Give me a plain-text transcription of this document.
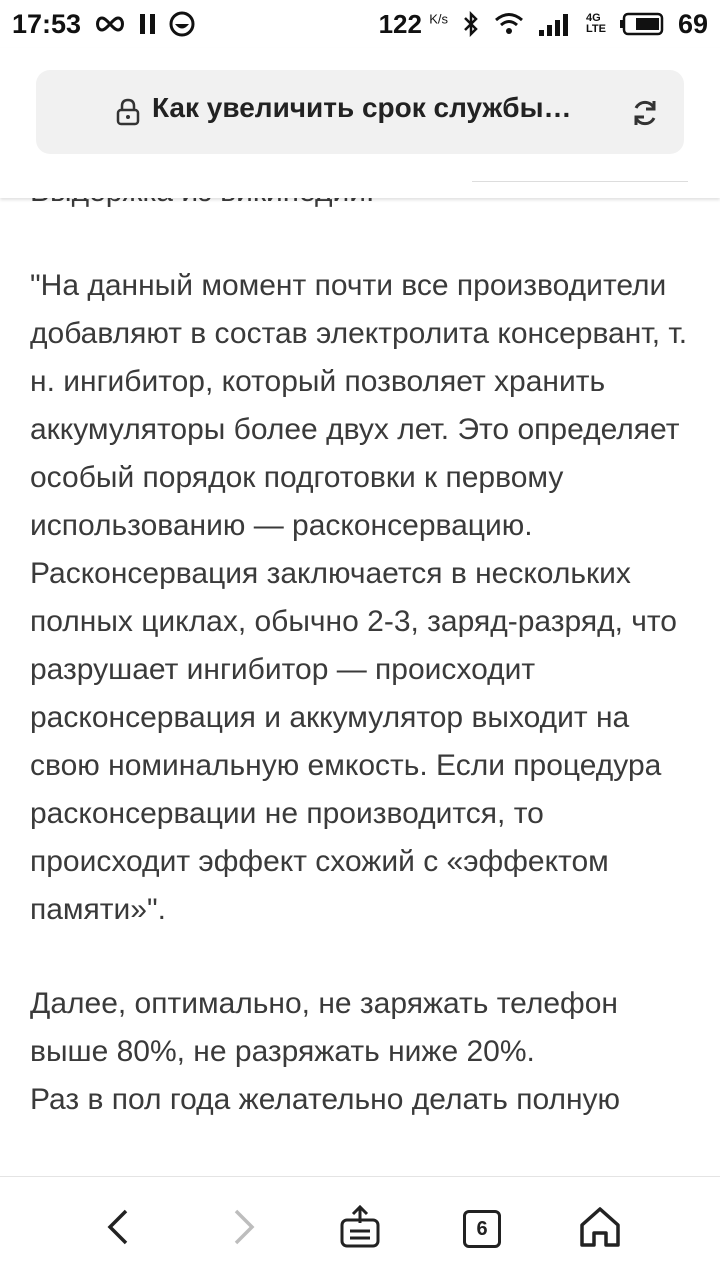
17:53	122 $^{K/s}$	4G
LTE	69
Как увеличить срок службы…

"На данный момент почти все производители добавляют в состав электролита консервант, т. н. ингибитор, который позволяет хранить аккумуляторы более двух лет. Это определяет особый порядок подготовки к первому использованию — расконсервацию. Расконсервация заключается в нескольких полных циклах, обычно 2-3, заряд-разряд, что разрушает ингибитор — происходит расконсервация и аккумулятор выходит на свою номинальную емкость. Если процедура расконсервации не производится, то происходит эффект схожий с «эффектом памяти»".

Далее, оптимально, не заряжать телефон выше 80%, не разряжать ниже 20%.

Раз в пол года желательно делать полную

6
